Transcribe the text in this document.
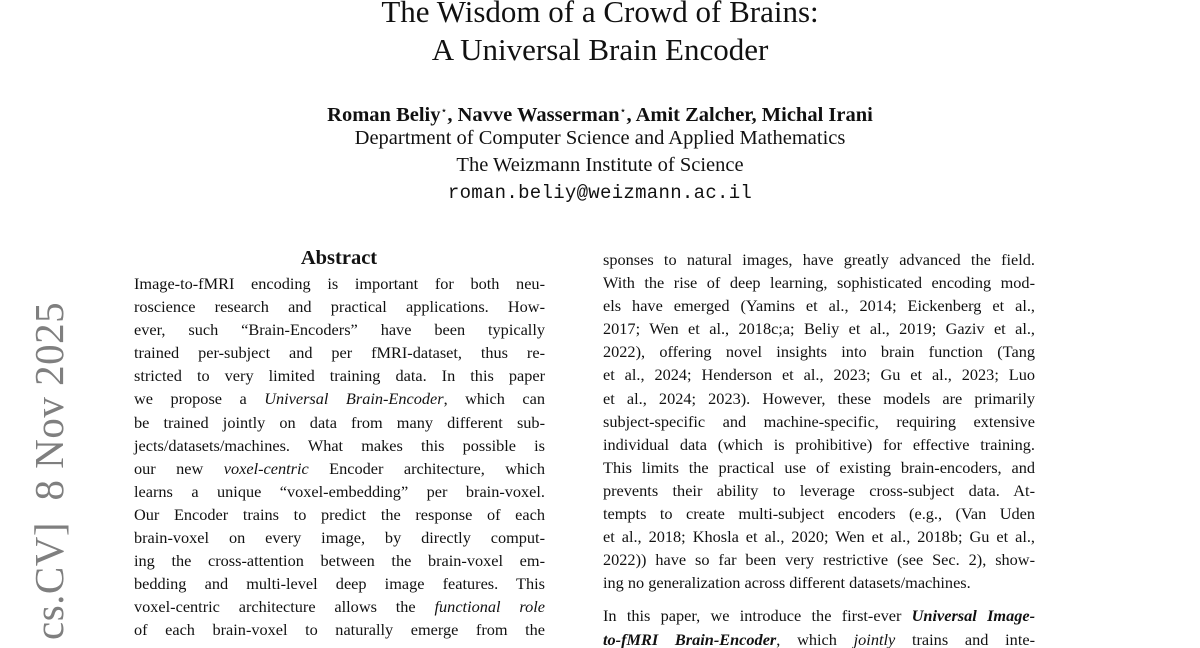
The Wisdom of a Crowd of Brains:
A Universal Brain Encoder
Roman Beliy⋆, Navve Wasserman⋆, Amit Zalcher, Michal Irani
Department of Computer Science and Applied Mathematics
The Weizmann Institute of Science
roman.beliy@weizmann.ac.il
cs.CV]  8 Nov 2025
Abstract
Image-to-fMRI encoding is important for both neu-
roscience research and practical applications. How-
ever, such “Brain-Encoders” have been typically
trained per-subject and per fMRI-dataset, thus re-
stricted to very limited training data. In this paper
we propose a Universal Brain-Encoder, which can
be trained jointly on data from many different sub-
jects/datasets/machines. What makes this possible is
our new voxel-centric Encoder architecture, which
learns a unique “voxel-embedding” per brain-voxel.
Our Encoder trains to predict the response of each
brain-voxel on every image, by directly comput-
ing the cross-attention between the brain-voxel em-
bedding and multi-level deep image features. This
voxel-centric architecture allows the functional role
of each brain-voxel to naturally emerge from the
sponses to natural images, have greatly advanced the field.
With the rise of deep learning, sophisticated encoding mod-
els have emerged (Yamins et al., 2014; Eickenberg et al.,
2017; Wen et al., 2018c;a; Beliy et al., 2019; Gaziv et al.,
2022), offering novel insights into brain function (Tang
et al., 2024; Henderson et al., 2023; Gu et al., 2023; Luo
et al., 2024; 2023). However, these models are primarily
subject-specific and machine-specific, requiring extensive
individual data (which is prohibitive) for effective training.
This limits the practical use of existing brain-encoders, and
prevents their ability to leverage cross-subject data. At-
tempts to create multi-subject encoders (e.g., (Van Uden
et al., 2018; Khosla et al., 2020; Wen et al., 2018b; Gu et al.,
2022)) have so far been very restrictive (see Sec. 2), show-
ing no generalization across different datasets/machines.
In this paper, we introduce the first-ever Universal Image-
to-fMRI Brain-Encoder, which jointly trains and inte-
